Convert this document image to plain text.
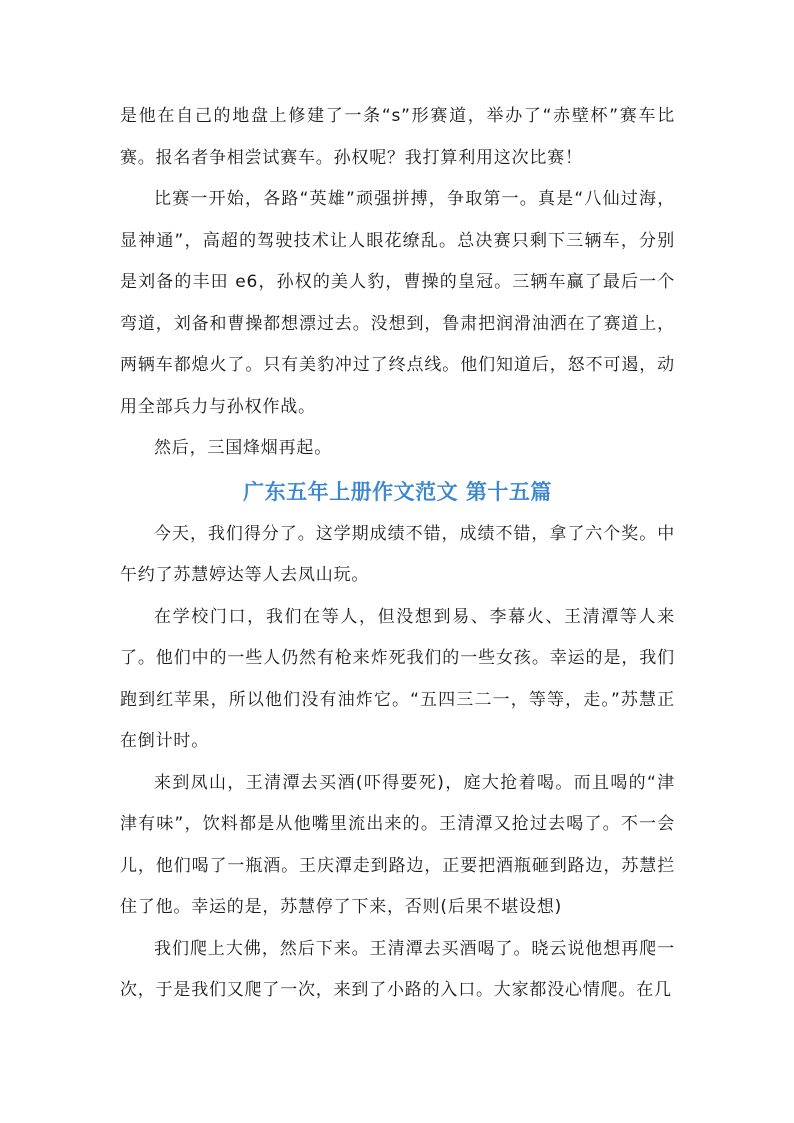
是他在自己的地盘上修建了一条“s”形赛道，举办了“赤壁杯”赛车比赛。报名者争相尝试赛车。孙权呢？我打算利用这次比赛！

比赛一开始，各路“英雄”顽强拼搏，争取第一。真是“八仙过海，显神通”，高超的驾驶技术让人眼花缭乱。总决赛只剩下三辆车，分别是刘备的丰田 e6，孙权的美人豹，曹操的皇冠。三辆车赢了最后一个弯道，刘备和曹操都想漂过去。没想到，鲁肃把润滑油洒在了赛道上，两辆车都熄火了。只有美豹冲过了终点线。他们知道后，怒不可遏，动用全部兵力与孙权作战。

然后，三国烽烟再起。

广东五年上册作文范文 第十五篇

今天，我们得分了。这学期成绩不错，成绩不错，拿了六个奖。中午约了苏慧婷达等人去凤山玩。

在学校门口，我们在等人，但没想到易、李幕火、王清潭等人来了。他们中的一些人仍然有枪来炸死我们的一些女孩。幸运的是，我们跑到红苹果，所以他们没有油炸它。“五四三二一，等等，走。”苏慧正在倒计时。

来到凤山，王清潭去买酒(吓得要死)，庭大抢着喝。而且喝的“津津有味”，饮料都是从他嘴里流出来的。王清潭又抢过去喝了。不一会儿，他们喝了一瓶酒。王庆潭走到路边，正要把酒瓶砸到路边，苏慧拦住了他。幸运的是，苏慧停了下来，否则(后果不堪设想)

我们爬上大佛，然后下来。王清潭去买酒喝了。晓云说他想再爬一次，于是我们又爬了一次，来到了小路的入口。大家都没心情爬。在几
